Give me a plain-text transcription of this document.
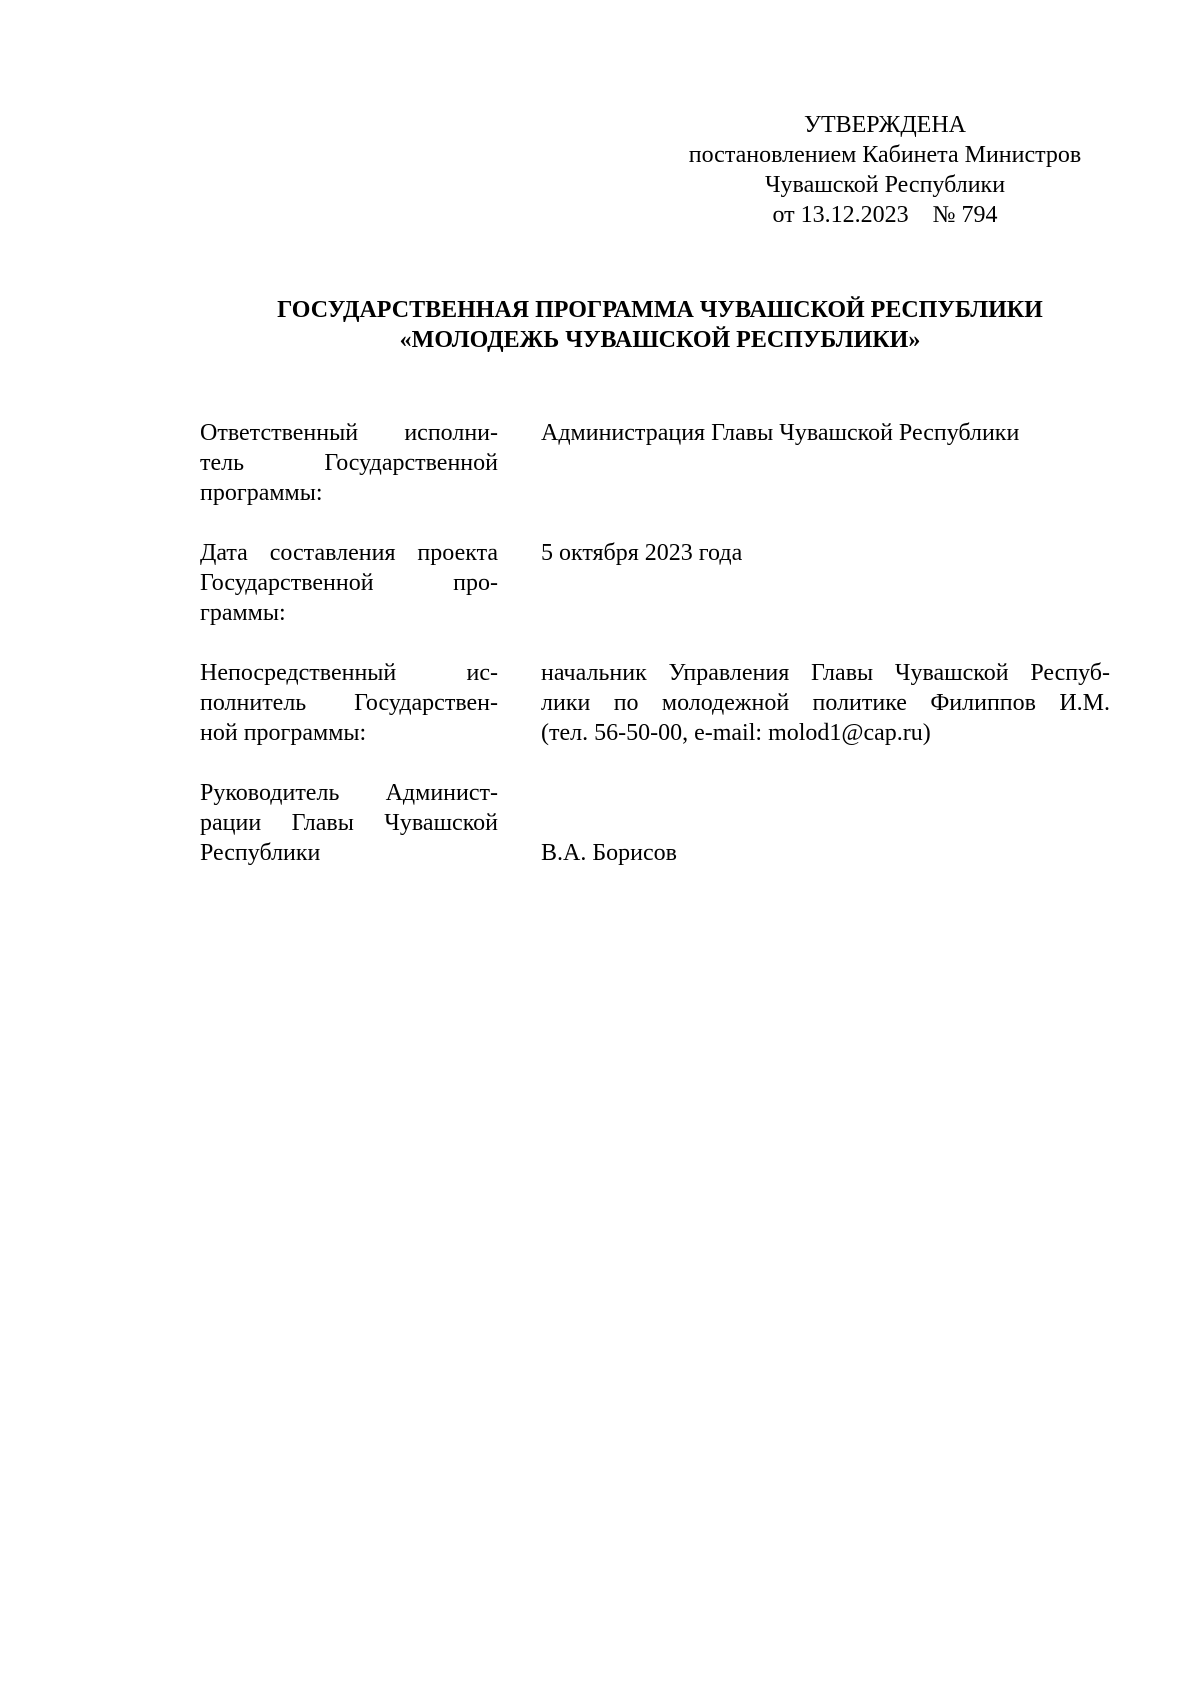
УТВЕРЖДЕНА
постановлением Кабинета Министров
Чувашской Республики
от 13.12.2023    № 794
ГОСУДАРСТВЕННАЯ ПРОГРАММА ЧУВАШСКОЙ РЕСПУБЛИКИ
«МОЛОДЕЖЬ ЧУВАШСКОЙ РЕСПУБЛИКИ»
Ответственный исполни-
тель Государственной
программы:
Администрация Главы Чувашской Республики
Дата составления проекта
Государственной про-
граммы:
5 октября 2023 года
Непосредственный ис-
полнитель Государствен-
ной программы:
начальник Управления Главы Чувашской Респуб-
лики по молодежной политике Филиппов И.М.
(тел. 56-50-00, e-mail: molod1@cap.ru)
Руководитель Админист-
рации Главы Чувашской
Республики	В.А. Борисов
